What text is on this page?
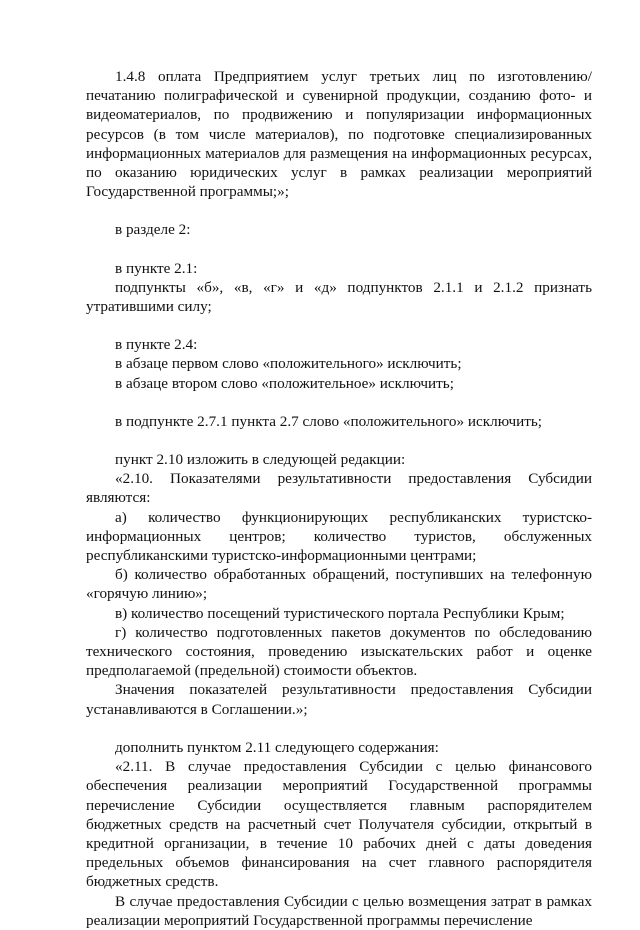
1.4.8 оплата Предприятием услуг третьих лиц по изготовлению/печатанию полиграфической и сувенирной продукции, созданию фото- и видеоматериалов, по продвижению и популяризации информационных ресурсов (в том числе материалов), по подготовке специализированных информационных материалов для размещения на информационных ресурсах, по оказанию юридических услуг в рамках реализации мероприятий Государственной программы;»;

в разделе 2:

в пункте 2.1:

подпункты «б», «в, «г» и «д» подпунктов 2.1.1 и 2.1.2 признать утратившими силу;

в пункте 2.4:

в абзаце первом слово «положительного» исключить;

в абзаце втором слово «положительное» исключить;

в подпункте 2.7.1 пункта 2.7 слово «положительного» исключить;

пункт 2.10 изложить в следующей редакции:

«2.10. Показателями результативности предоставления Субсидии являются:

а) количество функционирующих республиканских туристско-информационных центров; количество туристов, обслуженных республиканскими туристско-информационными центрами;

б) количество обработанных обращений, поступивших на телефонную «горячую линию»;

в) количество посещений туристического портала Республики Крым;

г) количество подготовленных пакетов документов по обследованию технического состояния, проведению изыскательских работ и оценке предполагаемой (предельной) стоимости объектов.

Значения показателей результативности предоставления Субсидии устанавливаются в Соглашении.»;

дополнить пунктом 2.11 следующего содержания:

«2.11. В случае предоставления Субсидии с целью финансового обеспечения реализации мероприятий Государственной программы перечисление Субсидии осуществляется главным распорядителем бюджетных средств на расчетный счет Получателя субсидии, открытый в кредитной организации, в течение 10 рабочих дней с даты доведения предельных объемов финансирования на счет главного распорядителя бюджетных средств.

В случае предоставления Субсидии с целью возмещения затрат в рамках реализации мероприятий Государственной программы перечисление
